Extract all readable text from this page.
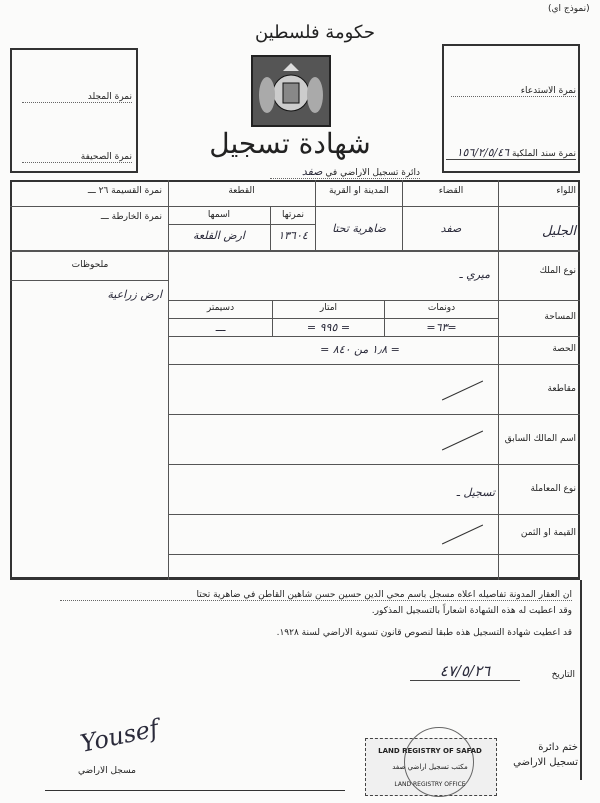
(نموذج اي)
حكومة فلسطين
شهادة تسجيل
دائرة تسجيل الاراضي في صفد
نمرة المجلد
نمرة الصحيفة
نمرة الاستدعاء
نمرة سند الملكية ١٥٦/٢/٥/٤٦
اللواء
الجليل
القضاء
صفد
المدينة او القرية
ضاهرية تحتا
القطعة
نمرتها
١٣٦٠٤
اسمها
ارض القلعة
نمرة القسيمة ٢٦ ـــ
نمرة الخارطة ـــ
نوع الملك
ميري ـ
ملحوظات
ارض زراعية
المساحة
دونمات
=٦٣=
امتار
= ٩٩٥ =
دسيمتر
ـــ
الحصة
= ١٫٨ من ٨٤٠ =
مقاطعة
اسم المالك السابق
نوع المعاملة
تسجيل ـ
القيمة او الثمن
ان العقار المدونة تفاصيله اعلاه مسجل باسم محي الدين حسين حسن شاهين القاطن في ضاهرية تحتا
وقد اعطيت له هذه الشهادة اشعاراً بالتسجيل المذكور.
قد اعطيت شهادة التسجيل هذه طبقا لنصوص قانون تسوية الاراضي لسنة ١٩٢٨.
التاريخ
٤٧/٥/٢٦
ختم دائرة
تسجيل الاراضي
LAND REGISTRY OF SAFAD
مكتب تسجيل اراضي صفد
LAND REGISTRY OFFICE
Yousef
مسجل الاراضي
